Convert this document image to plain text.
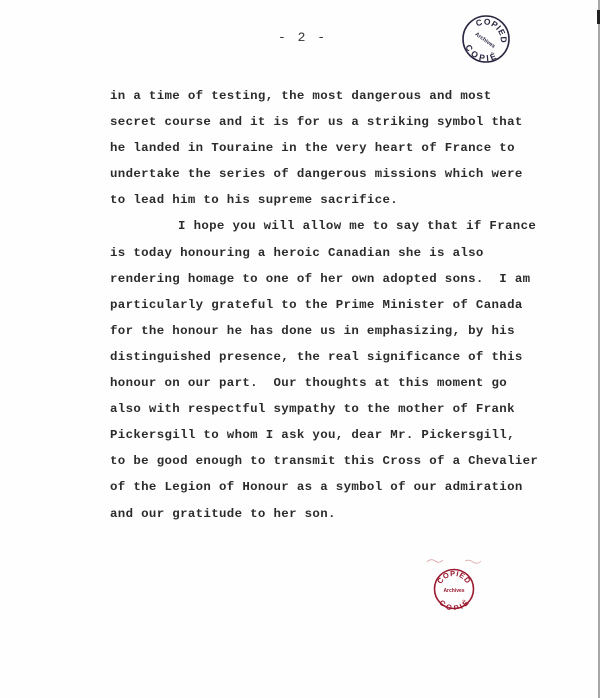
- 2 -
COPIED
Archives
COPIÉ
in a time of testing, the most dangerous and most
secret course and it is for us a striking symbol that
he landed in Touraine in the very heart of France to
undertake the series of dangerous missions which were
to lead him to his supreme sacrifice.
I hope you will allow me to say that if France
is today honouring a heroic Canadian she is also
rendering homage to one of her own adopted sons.  I am
particularly grateful to the Prime Minister of Canada
for the honour he has done us in emphasizing, by his
distinguished presence, the real significance of this
honour on our part.  Our thoughts at this moment go
also with respectful sympathy to the mother of Frank
Pickersgill to whom I ask you, dear Mr. Pickersgill,
to be good enough to transmit this Cross of a Chevalier
of the Legion of Honour as a symbol of our admiration
and our gratitude to her son.
COPIED
Archives
COPIÉ
